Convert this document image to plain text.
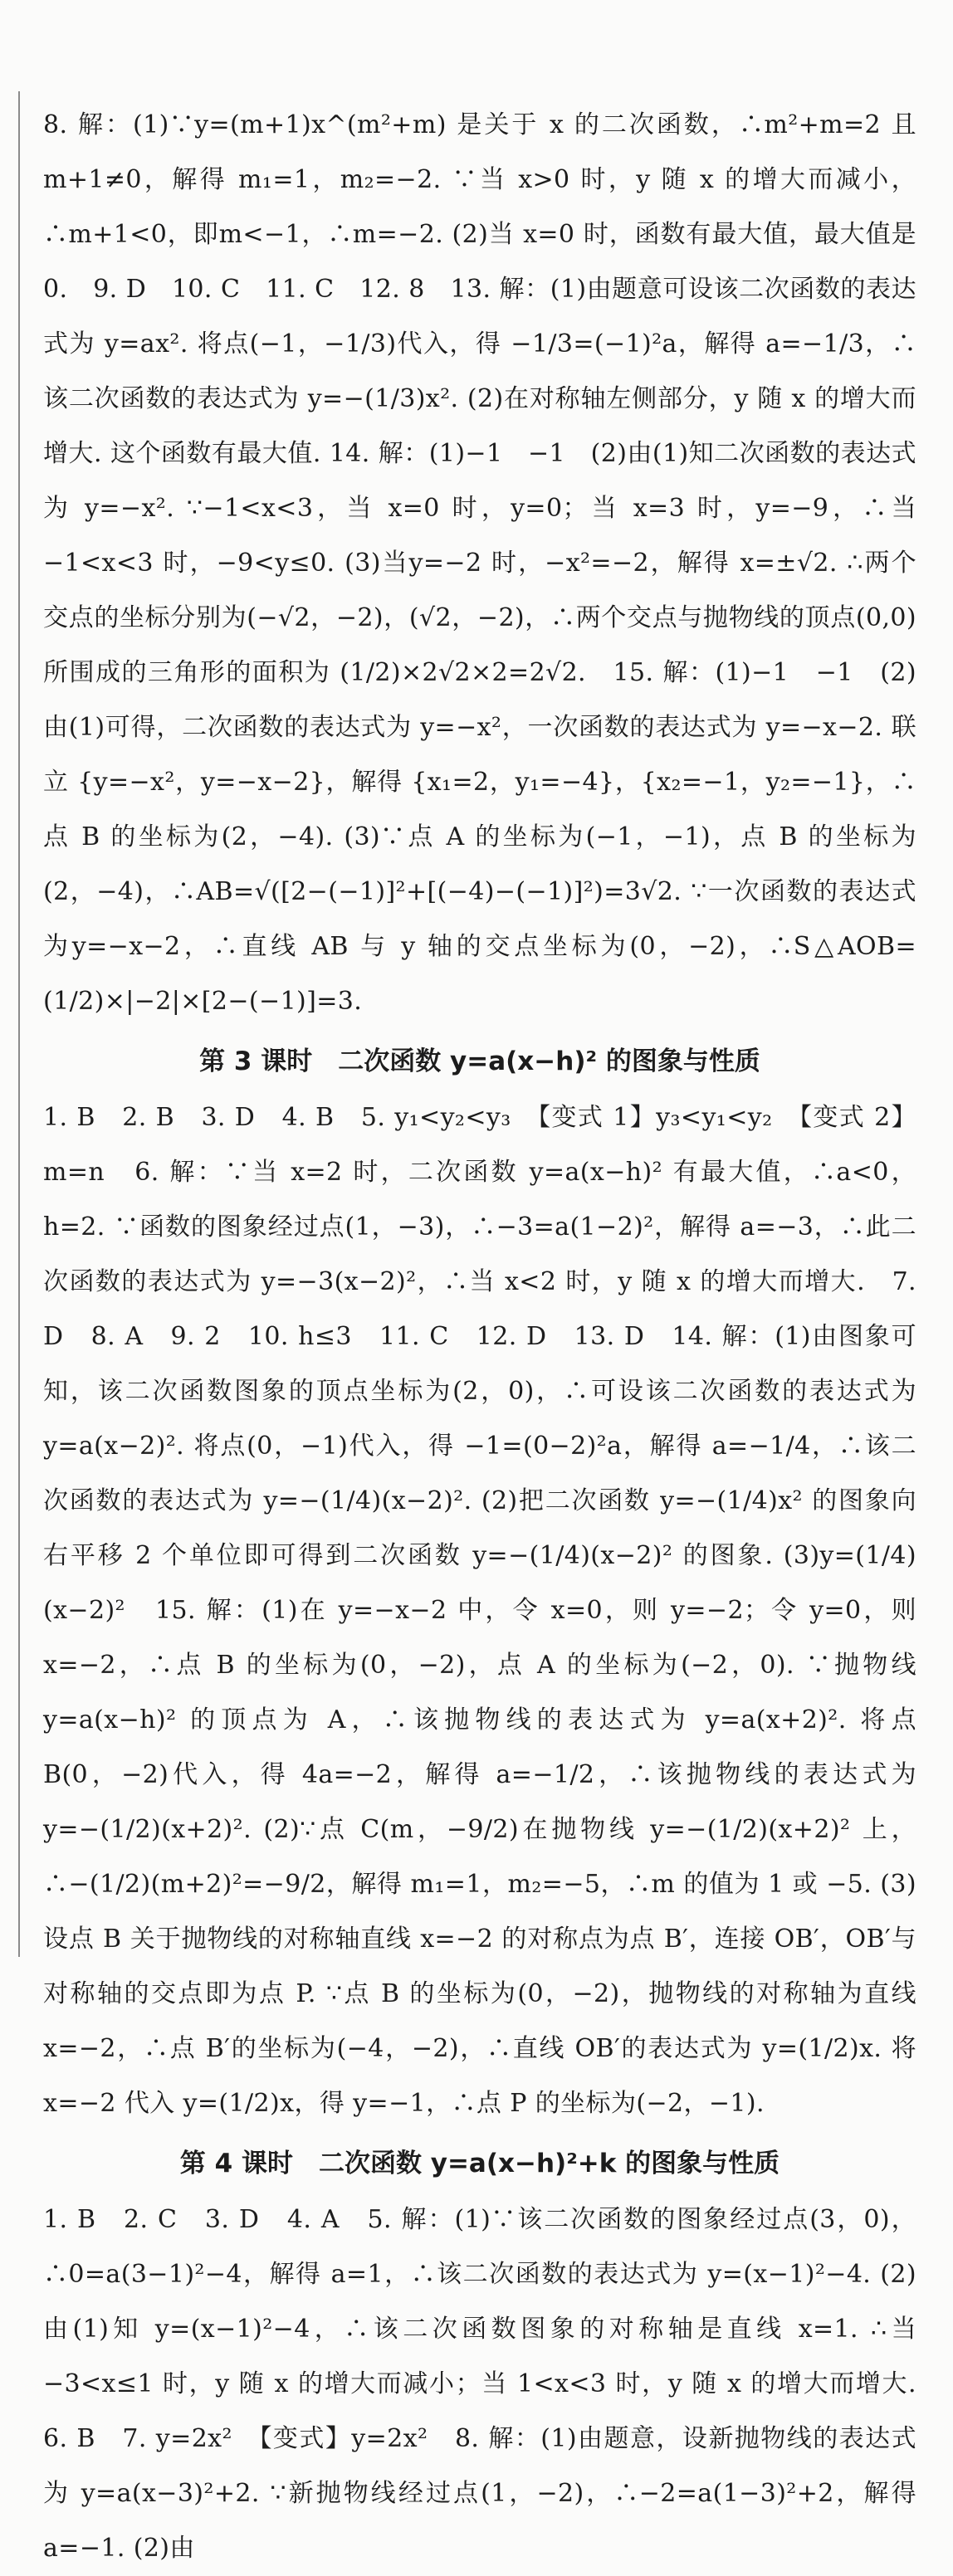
8. 解：(1)∵y=(m+1)x^(m²+m) 是关于 x 的二次函数，∴m²+m=2 且 m+1≠0，解得 m₁=1，m₂=−2. ∵当 x>0 时，y 随 x 的增大而减小，∴m+1<0，即m<−1，∴m=−2. (2)当 x=0 时，函数有最大值，最大值是 0.　9. D　10. C　11. C　12. 8　13. 解：(1)由题意可设该二次函数的表达式为 y=ax². 将点(−1，−1/3)代入，得 −1/3=(−1)²a，解得 a=−1/3，∴该二次函数的表达式为 y=−(1/3)x². (2)在对称轴左侧部分，y 随 x 的增大而增大. 这个函数有最大值. 14. 解：(1)−1　−1　(2)由(1)知二次函数的表达式为 y=−x². ∵−1<x<3，当 x=0 时，y=0；当 x=3 时，y=−9，∴当 −1<x<3 时，−9<y≤0. (3)当y=−2 时，−x²=−2，解得 x=±√2. ∴两个交点的坐标分别为(−√2，−2)，(√2，−2)，∴两个交点与抛物线的顶点(0,0)所围成的三角形的面积为 (1/2)×2√2×2=2√2.　15. 解：(1)−1　−1　(2)由(1)可得，二次函数的表达式为 y=−x²，一次函数的表达式为 y=−x−2. 联立 {y=−x²，y=−x−2}，解得 {x₁=2，y₁=−4}，{x₂=−1，y₂=−1}，∴点 B 的坐标为(2，−4). (3)∵点 A 的坐标为(−1，−1)，点 B 的坐标为(2，−4)，∴AB=√([2−(−1)]²+[(−4)−(−1)]²)=3√2. ∵一次函数的表达式为y=−x−2，∴直线 AB 与 y 轴的交点坐标为(0，−2)，∴S△AOB=(1/2)×|−2|×[2−(−1)]=3.

第 3 课时　二次函数 y=a(x−h)² 的图象与性质

1. B　2. B　3. D　4. B　5. y₁<y₂<y₃　【变式 1】y₃<y₁<y₂　【变式 2】m=n　6. 解：∵当 x=2 时，二次函数 y=a(x−h)² 有最大值，∴a<0，h=2. ∵函数的图象经过点(1，−3)，∴−3=a(1−2)²，解得 a=−3，∴此二次函数的表达式为 y=−3(x−2)²，∴当 x<2 时，y 随 x 的增大而增大.　7. D　8. A　9. 2　10. h≤3　11. C　12. D　13. D　14. 解：(1)由图象可知，该二次函数图象的顶点坐标为(2，0)，∴可设该二次函数的表达式为 y=a(x−2)². 将点(0，−1)代入，得 −1=(0−2)²a，解得 a=−1/4，∴该二次函数的表达式为 y=−(1/4)(x−2)². (2)把二次函数 y=−(1/4)x² 的图象向右平移 2 个单位即可得到二次函数 y=−(1/4)(x−2)² 的图象. (3)y=(1/4)(x−2)²　15. 解：(1)在 y=−x−2 中，令 x=0，则 y=−2；令 y=0，则 x=−2，∴点 B 的坐标为(0，−2)，点 A 的坐标为(−2，0). ∵抛物线 y=a(x−h)² 的顶点为 A，∴该抛物线的表达式为 y=a(x+2)². 将点 B(0，−2)代入，得 4a=−2，解得 a=−1/2，∴该抛物线的表达式为 y=−(1/2)(x+2)². (2)∵点 C(m，−9/2)在抛物线 y=−(1/2)(x+2)² 上，∴−(1/2)(m+2)²=−9/2，解得 m₁=1，m₂=−5，∴m 的值为 1 或 −5. (3)设点 B 关于抛物线的对称轴直线 x=−2 的对称点为点 B′，连接 OB′，OB′与对称轴的交点即为点 P. ∵点 B 的坐标为(0，−2)，抛物线的对称轴为直线 x=−2，∴点 B′的坐标为(−4，−2)，∴直线 OB′的表达式为 y=(1/2)x. 将 x=−2 代入 y=(1/2)x，得 y=−1，∴点 P 的坐标为(−2，−1).

第 4 课时　二次函数 y=a(x−h)²+k 的图象与性质

1. B　2. C　3. D　4. A　5. 解：(1)∵该二次函数的图象经过点(3，0)，∴0=a(3−1)²−4，解得 a=1，∴该二次函数的表达式为 y=(x−1)²−4. (2)由(1)知 y=(x−1)²−4，∴该二次函数图象的对称轴是直线 x=1. ∴当 −3<x≤1 时，y 随 x 的增大而减小；当 1<x<3 时，y 随 x 的增大而增大.　6. B　7. y=2x²　【变式】y=2x²　8. 解：(1)由题意，设新抛物线的表达式为 y=a(x−3)²+2. ∵新抛物线经过点(1，−2)，∴−2=a(1−3)²+2，解得 a=−1. (2)由
